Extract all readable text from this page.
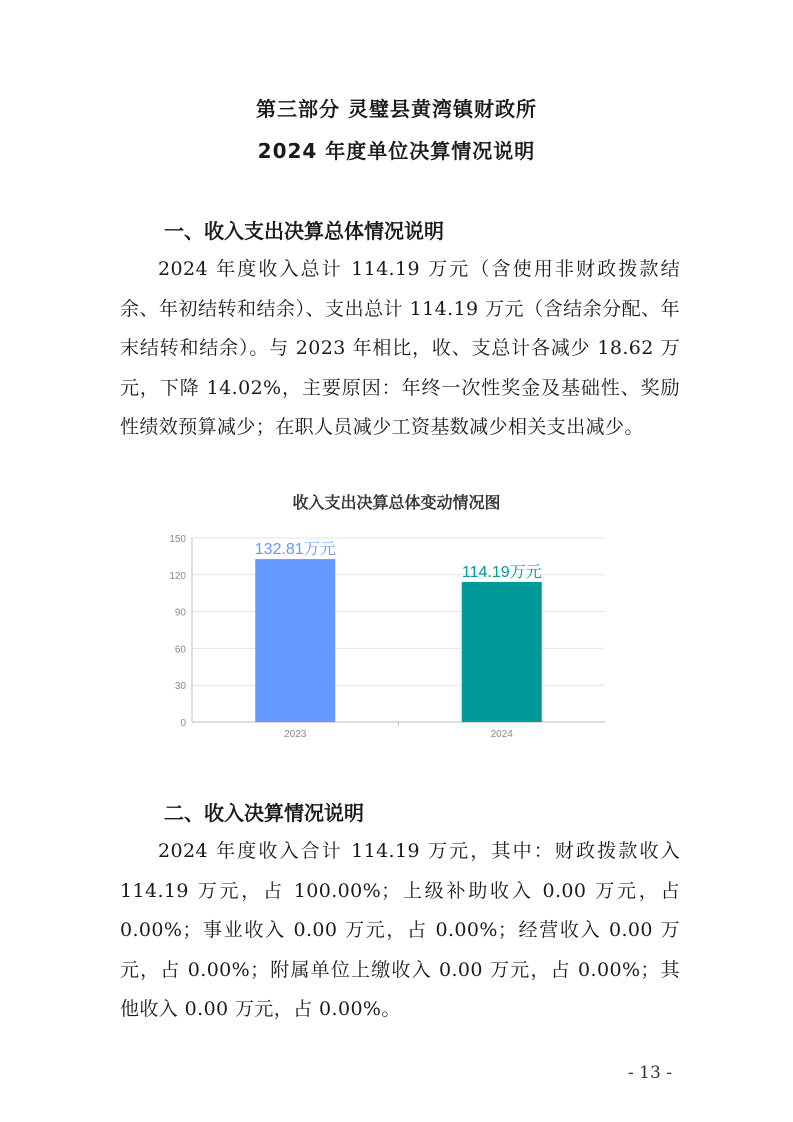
第三部分 灵璧县黄湾镇财政所
2024 年度单位决算情况说明
一、收入支出决算总体情况说明
2024 年度收入总计 114.19 万元（含使用非财政拨款结余、年初结转和结余）、支出总计 114.19 万元（含结余分配、年末结转和结余）。与 2023 年相比，收、支总计各减少 18.62 万元，下降 14.02%，主要原因：年终一次性奖金及基础性、奖励性绩效预算减少；在职人员减少工资基数减少相关支出减少。
收入支出决算总体变动情况图
0
30
60
90
120
150
132.81万元
2023
114.19万元
2024
二、收入决算情况说明
2024 年度收入合计 114.19 万元，其中：财政拨款收入 114.19 万元，占 100.00%；上级补助收入 0.00 万元，占 0.00%；事业收入 0.00 万元，占 0.00%；经营收入 0.00 万元，占 0.00%；附属单位上缴收入 0.00 万元，占 0.00%；其他收入 0.00 万元，占 0.00%。
- 13 -
